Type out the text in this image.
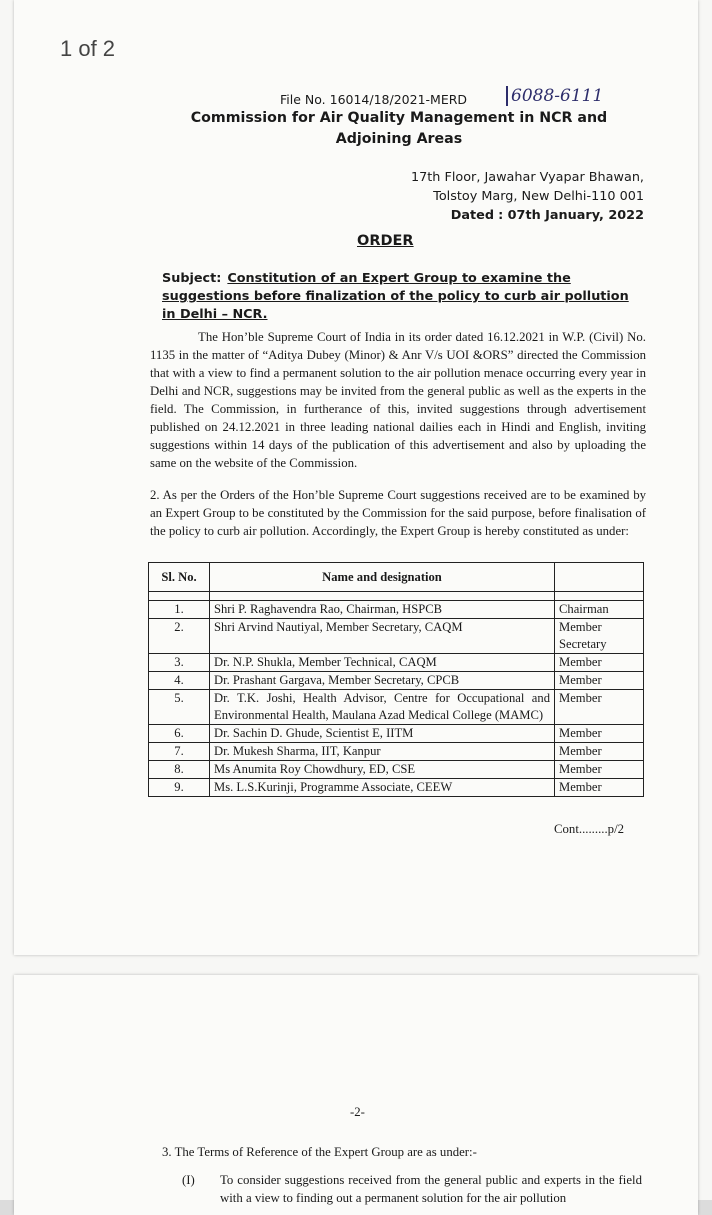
File No. 16014/18/2021-MERD	6088-6111
Commission for Air Quality Management in NCR and
Adjoining Areas
17th Floor, Jawahar Vyapar Bhawan,
Tolstoy Marg, New Delhi-110 001
Dated : 07th January, 2022
ORDER
Subject: Constitution of an Expert Group to examine the suggestions before finalization of the policy to curb air pollution in Delhi – NCR.
The Hon’ble Supreme Court of India in its order dated 16.12.2021 in W.P. (Civil) No. 1135 in the matter of “Aditya Dubey (Minor) & Anr V/s UOI &ORS” directed the Commission that with a view to find a permanent solution to the air pollution menace occurring every year in Delhi and NCR, suggestions may be invited from the general public as well as the experts in the field. The Commission, in furtherance of this, invited suggestions through advertisement published on 24.12.2021 in three leading national dailies each in Hindi and English, inviting suggestions within 14 days of the publication of this advertisement and also by uploading the same on the website of the Commission.
2. As per the Orders of the Hon’ble Supreme Court suggestions received are to be examined by an Expert Group to be constituted by the Commission for the said purpose, before finalisation of the policy to curb air pollution. Accordingly, the Expert Group is hereby constituted as under:
Sl. No.	Name and designation	

1.	Shri P. Raghavendra Rao, Chairman, HSPCB	Chairman
2.	Shri Arvind Nautiyal, Member Secretary, CAQM	Member Secretary
3.	Dr. N.P. Shukla, Member Technical, CAQM	Member
4.	Dr. Prashant Gargava, Member Secretary, CPCB	Member
5.	Dr. T.K. Joshi, Health Advisor, Centre for Occupational and Environmental Health, Maulana Azad Medical College (MAMC)	Member
6.	Dr. Sachin D. Ghude, Scientist E, IITM	Member
7.	Dr. Mukesh Sharma, IIT, Kanpur	Member
8.	Ms Anumita Roy Chowdhury, ED, CSE	Member
9.	Ms. L.S.Kurinji, Programme Associate, CEEW	Member
Cont.........p/2
-2-
3. The Terms of Reference of the Expert Group are as under:-
(I) To consider suggestions received from the general public and experts in the field with a view to finding out a permanent solution for the air pollution
1 of 2
